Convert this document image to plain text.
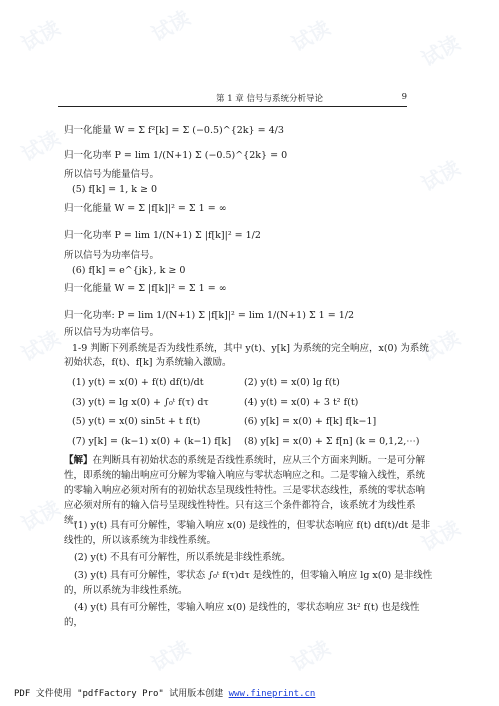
试读	试读	试读	试读
试读
试读
试读	试读
试读	试读
试读	试读
第 1 章 信号与系统分析导论	9
归一化能量 W = Σ f²[k] = Σ (−0.5)^{2k} = 4/3
归一化功率 P = lim 1/(N+1) Σ (−0.5)^{2k} = 0
所以信号为能量信号。
(5) f[k] = 1, k ≥ 0
归一化能量 W = Σ |f[k]|² = Σ 1 = ∞
归一化功率 P = lim 1/(N+1) Σ |f[k]|² = 1/2
所以信号为功率信号。
(6) f[k] = e^{jk}, k ≥ 0
归一化能量 W = Σ |f[k]|² = Σ 1 = ∞
归一化功率: P = lim 1/(N+1) Σ |f[k]|² = lim 1/(N+1) Σ 1 = 1/2
所以信号为功率信号。
1-9 判断下列系统是否为线性系统，其中 y(t)、y[k] 为系统的完全响应，x(0) 为系统
初始状态，f(t)、f[k] 为系统输入激励。
(1) y(t) = x(0) + f(t) df(t)/dt	(2) y(t) = x(0) lg f(t)
(3) y(t) = lg x(0) + ∫₀ᵗ f(τ) dτ	(4) y(t) = x(0) + 3 t² f(t)
(5) y(t) = x(0) sin5t + t f(t)	(6) y[k] = x(0) + f[k] f[k−1]
(7) y[k] = (k−1) x(0) + (k−1) f[k] (8) y[k] = x(0) + Σ f[n] (k = 0,1,2,⋯)
【解】在判断具有初始状态的系统是否线性系统时，应从三个方面来判断。一是可分解性，即系统的输出响应可分解为零输入响应与零状态响应之和。二是零输入线性，系统的零输入响应必须对所有的初始状态呈现线性特性。三是零状态线性，系统的零状态响应必须对所有的输入信号呈现线性特性。只有这三个条件都符合，该系统才为线性系统。
(1) y(t) 具有可分解性，零输入响应 x(0) 是线性的，但零状态响应 f(t) df(t)/dt 是非线性的，所以该系统为非线性系统。
(2) y(t) 不具有可分解性，所以系统是非线性系统。
(3) y(t) 具有可分解性，零状态 ∫₀ᵗ f(τ)dτ 是线性的，但零输入响应 lg x(0) 是非线性的，所以系统为非线性系统。
(4) y(t) 具有可分解性，零输入响应 x(0) 是线性的，零状态响应 3t² f(t) 也是线性的，
PDF 文件使用 "pdfFactory Pro" 试用版本创建 www.fineprint.cn
